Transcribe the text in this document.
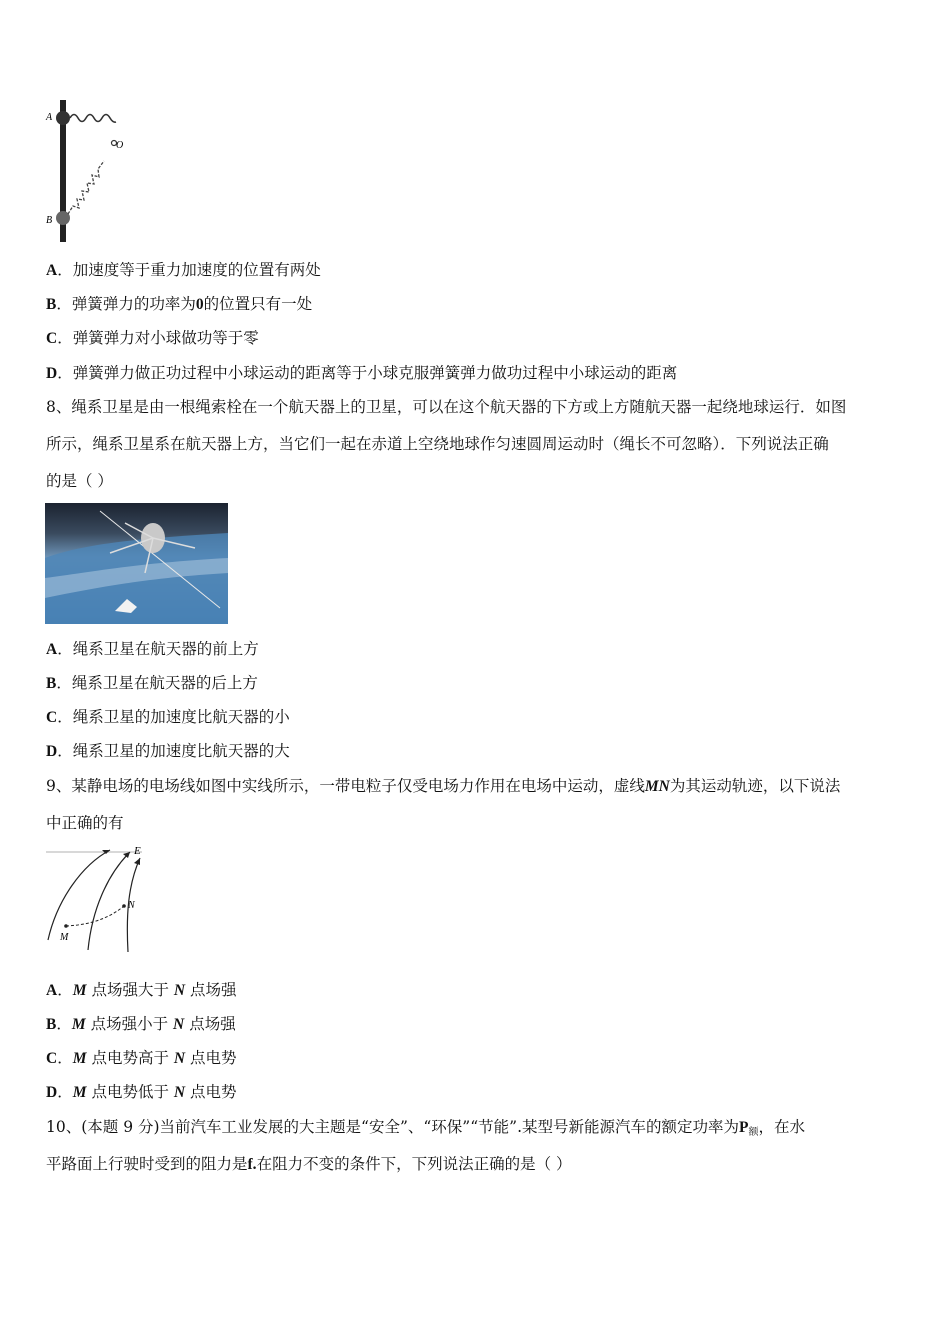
A
B
O
A．加速度等于重力加速度的位置有两处
B．弹簧弹力的功率为0的位置只有一处
C．弹簧弹力对小球做功等于零
D．弹簧弹力做正功过程中小球运动的距离等于小球克服弹簧弹力做功过程中小球运动的距离
8、绳系卫星是由一根绳索栓在一个航天器上的卫星，可以在这个航天器的下方或上方随航天器一起绕地球运行．如图
所示，绳系卫星系在航天器上方，当它们一起在赤道上空绕地球作匀速圆周运动时（绳长不可忽略）．下列说法正确
的是（ ）
A．绳系卫星在航天器的前上方
B．绳系卫星在航天器的后上方
C．绳系卫星的加速度比航天器的小
D．绳系卫星的加速度比航天器的大
9、某静电场的电场线如图中实线所示，一带电粒子仅受电场力作用在电场中运动，虚线MN为其运动轨迹，以下说法
中正确的有
E
N
M
A．M 点场强大于 N 点场强
B．M 点场强小于 N 点场强
C．M 点电势高于 N 点电势
D．M 点电势低于 N 点电势
10、(本题 9 分)当前汽车工业发展的大主题是“安全”、“环保”“节能”.某型号新能源汽车的额定功率为$P_额$，在水
平路面上行驶时受到的阻力是f.在阻力不变的条件下，下列说法正确的是（ ）
